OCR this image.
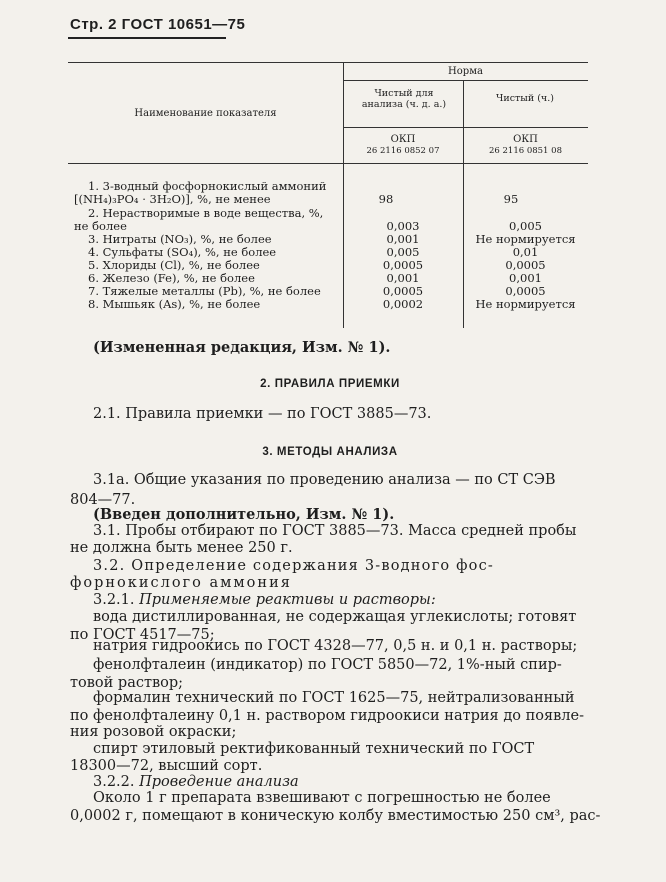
Стр. 2 ГОСТ 10651—75
Наименование показателя
Норма
Чистый для анализа (ч. д. а.)
Чистый (ч.)
ОКП
26 2116 0852 07
ОКП
26 2116 0851 08
1. 3-водный фосфорнокислый аммоний
[(NH₄)₃PO₄ · 3H₂O)], %, не менее	98	95
2. Нерастворимые в воде вещества, %,
не более	0,003	0,005
3. Нитраты (NO₃), %, не более	0,001	Не нормируется
4. Сульфаты (SO₄), %, не более	0,005	0,01
5. Хлориды (Cl), %, не более	0,0005	0,0005
6. Железо (Fe), %, не более	0,001	0,001
7. Тяжелые металлы (Pb), %, не более	0,0005	0,0005
8. Мышьяк (As), %, не более	0,0002	Не нормируется
(Измененная редакция, Изм. № 1).
2. ПРАВИЛА ПРИЕМКИ
2.1. Правила приемки — по ГОСТ 3885—73.
3. МЕТОДЫ АНАЛИЗА
3.1а. Общие указания по проведению анализа — по СТ СЭВ
804—77.
(Введен дополнительно, Изм. № 1).
3.1. Пробы отбирают по ГОСТ 3885—73. Масса средней пробы
не должна быть менее 250 г.
3.2. Определение содержания 3-водного фос-
форнокислого аммония
3.2.1. Применяемые реактивы и растворы:
вода дистиллированная, не содержащая углекислоты; готовят
по ГОСТ 4517—75;
натрия гидроокись по ГОСТ 4328—77, 0,5 н. и 0,1 н. растворы;
фенолфталеин (индикатор) по ГОСТ 5850—72, 1%-ный спир-
товой раствор;
формалин технический по ГОСТ 1625—75, нейтрализованный
по фенолфталеину 0,1 н. раствором гидроокиси натрия до появле-
ния розовой окраски;
спирт этиловый ректификованный технический по ГОСТ
18300—72, высший сорт.
3.2.2. Проведение анализа
Около 1 г препарата взвешивают с погрешностью не более
0,0002 г, помещают в коническую колбу вместимостью 250 см³, рас-
